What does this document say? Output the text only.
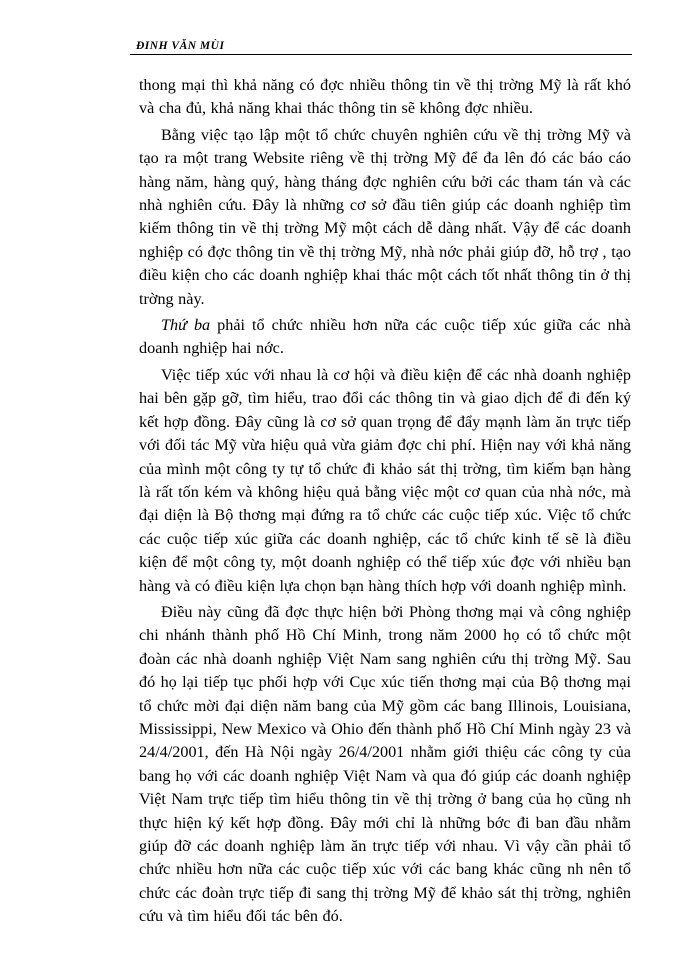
ĐINH VĂN MÙI

thong mại thì khả năng có đợc nhiều thông tin về thị trờng Mỹ là rất khó và cha đủ, khả năng khai thác thông tin sẽ không đợc nhiều.

Bằng việc tạo lập một tổ chức chuyên nghiên cứu về thị trờng Mỹ và tạo ra một trang Website riêng về thị trờng Mỹ để đa lên đó các báo cáo hàng năm, hàng quý, hàng tháng đợc nghiên cứu bởi các tham tán và các nhà nghiên cứu. Đây là những cơ sở đầu tiên giúp các doanh nghiệp tìm kiếm thông tin về thị trờng Mỹ một cách dễ dàng nhất. Vậy để các doanh nghiệp có đợc thông tin về thị trờng Mỹ, nhà nớc phải giúp đỡ, hỗ trợ , tạo điều kiện cho các doanh nghiệp khai thác một cách tốt nhất thông tin ở thị trờng này.

Thứ ba phải tổ chức nhiều hơn nữa các cuộc tiếp xúc giữa các nhà doanh nghiệp hai nớc.

Việc tiếp xúc với nhau là cơ hội và điều kiện để các nhà doanh nghiệp hai bên gặp gỡ, tìm hiểu, trao đổi các thông tin và giao dịch để đi đến ký kết hợp đồng. Đây cũng là cơ sở quan trọng để đẩy mạnh làm ăn trực tiếp với đối tác Mỹ vừa hiệu quả vừa giảm đợc chi phí. Hiện nay với khả năng của mình một công ty tự tổ chức đi khảo sát thị trờng, tìm kiếm bạn hàng là rất tốn kém và không hiệu quả bằng việc một cơ quan của nhà nớc, mà đại diện là Bộ thơng mại đứng ra tổ chức các cuộc tiếp xúc. Việc tổ chức các cuộc tiếp xúc giữa các doanh nghiệp, các tổ chức kinh tế sẽ là điều kiện để một công ty, một doanh nghiệp có thể tiếp xúc đợc với nhiều bạn hàng và có điều kiện lựa chọn bạn hàng thích hợp với doanh nghiệp mình.

Điều này cũng đã đợc thực hiện bởi Phòng thơng mại và công nghiệp chi nhánh thành phố Hồ Chí Minh, trong năm 2000 họ có tổ chức một đoàn các nhà doanh nghiệp Việt Nam sang nghiên cứu thị trờng Mỹ. Sau đó họ lại tiếp tục phối hợp với Cục xúc tiến thơng mại của Bộ thơng mại tổ chức mời đại diện năm bang của Mỹ gồm các bang Illinois, Louisiana, Mississippi, New Mexico và Ohio đến thành phố Hồ Chí Minh ngày 23 và 24/4/2001, đến Hà Nội ngày 26/4/2001 nhằm giới thiệu các công ty của bang họ với các doanh nghiệp Việt Nam và qua đó giúp các doanh nghiệp Việt Nam trực tiếp tìm hiểu thông tin về thị trờng ở bang của họ cũng nh thực hiện ký kết hợp đồng. Đây mới chỉ là những bớc đi ban đầu nhằm giúp đỡ các doanh nghiệp làm ăn trực tiếp với nhau. Vì vậy cần phải tổ chức nhiều hơn nữa các cuộc tiếp xúc với các bang khác cũng nh nên tổ chức các đoàn trực tiếp đi sang thị trờng Mỹ để khảo sát thị trờng, nghiên cứu và tìm hiểu đối tác bên đó.
